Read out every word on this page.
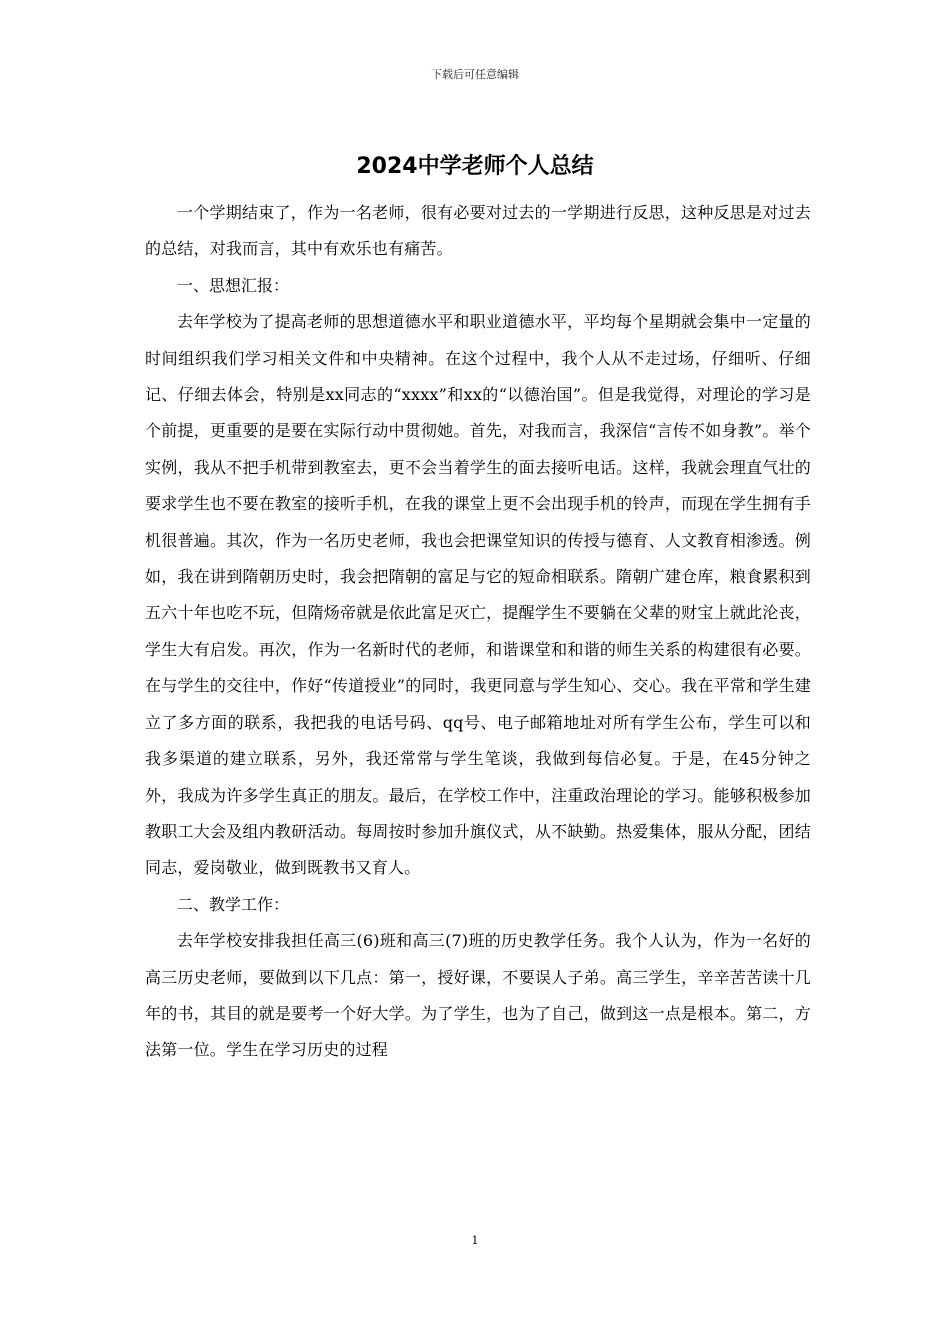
下载后可任意编辑
2024中学老师个人总结

一个学期结束了，作为一名老师，很有必要对过去的一学期进行反思，这种反思是对过去的总结，对我而言，其中有欢乐也有痛苦。

一、思想汇报：

去年学校为了提高老师的思想道德水平和职业道德水平，平均每个星期就会集中一定量的时间组织我们学习相关文件和中央精神。在这个过程中，我个人从不走过场，仔细听、仔细记、仔细去体会，特别是xx同志的“xxxx”和xx的“以德治国”。但是我觉得，对理论的学习是个前提，更重要的是要在实际行动中贯彻她。首先，对我而言，我深信“言传不如身教”。举个实例，我从不把手机带到教室去，更不会当着学生的面去接听电话。这样，我就会理直气壮的要求学生也不要在教室的接听手机，在我的课堂上更不会出现手机的铃声，而现在学生拥有手机很普遍。其次，作为一名历史老师，我也会把课堂知识的传授与德育、人文教育相渗透。例如，我在讲到隋朝历史时，我会把隋朝的富足与它的短命相联系。隋朝广建仓库，粮食累积到五六十年也吃不玩，但隋炀帝就是依此富足灭亡，提醒学生不要躺在父辈的财宝上就此沦丧，学生大有启发。再次，作为一名新时代的老师，和谐课堂和和谐的师生关系的构建很有必要。在与学生的交往中，作好“传道授业”的同时，我更同意与学生知心、交心。我在平常和学生建立了多方面的联系，我把我的电话号码、qq号、电子邮箱地址对所有学生公布，学生可以和我多渠道的建立联系，另外，我还常常与学生笔谈，我做到每信必复。于是，在45分钟之外，我成为许多学生真正的朋友。最后，在学校工作中，注重政治理论的学习。能够积极参加教职工大会及组内教研活动。每周按时参加升旗仪式，从不缺勤。热爱集体，服从分配，团结同志，爱岗敬业，做到既教书又育人。

二、教学工作：

去年学校安排我担任高三(6)班和高三(7)班的历史教学任务。我个人认为，作为一名好的高三历史老师，要做到以下几点：第一，授好课，不要误人子弟。高三学生，辛辛苦苦读十几年的书，其目的就是要考一个好大学。为了学生，也为了自己，做到这一点是根本。第二，方法第一位。学生在学习历史的过程

1
